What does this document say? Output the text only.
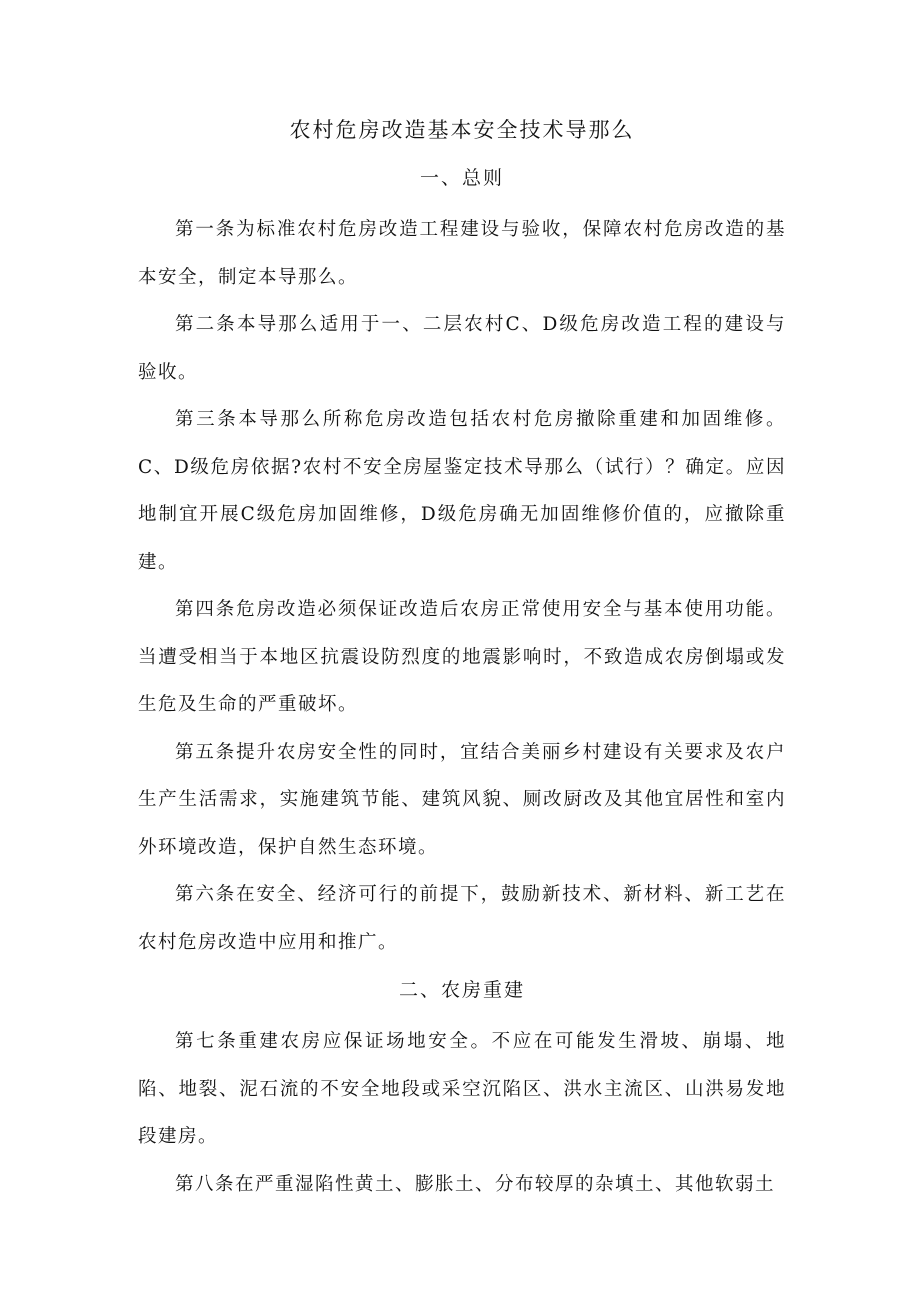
农村危房改造基本安全技术导那么
一、总则

第一条为标准农村危房改造工程建设与验收，保障农村危房改造的基本安全，制定本导那么。

第二条本导那么适用于一、二层农村C、D级危房改造工程的建设与验收。

第三条本导那么所称危房改造包括农村危房撤除重建和加固维修。C、D级危房依据?农村不安全房屋鉴定技术导那么（试行）？确定。应因地制宜开展C级危房加固维修，D级危房确无加固维修价值的，应撤除重建。

第四条危房改造必须保证改造后农房正常使用安全与基本使用功能。当遭受相当于本地区抗震设防烈度的地震影响时，不致造成农房倒塌或发生危及生命的严重破坏。

第五条提升农房安全性的同时，宜结合美丽乡村建设有关要求及农户生产生活需求，实施建筑节能、建筑风貌、厕改厨改及其他宜居性和室内外环境改造，保护自然生态环境。

第六条在安全、经济可行的前提下，鼓励新技术、新材料、新工艺在农村危房改造中应用和推广。

二、农房重建

第七条重建农房应保证场地安全。不应在可能发生滑坡、崩塌、地陷、地裂、泥石流的不安全地段或采空沉陷区、洪水主流区、山洪易发地段建房。

第八条在严重湿陷性黄土、膨胀土、分布较厚的杂填土、其他软弱土
